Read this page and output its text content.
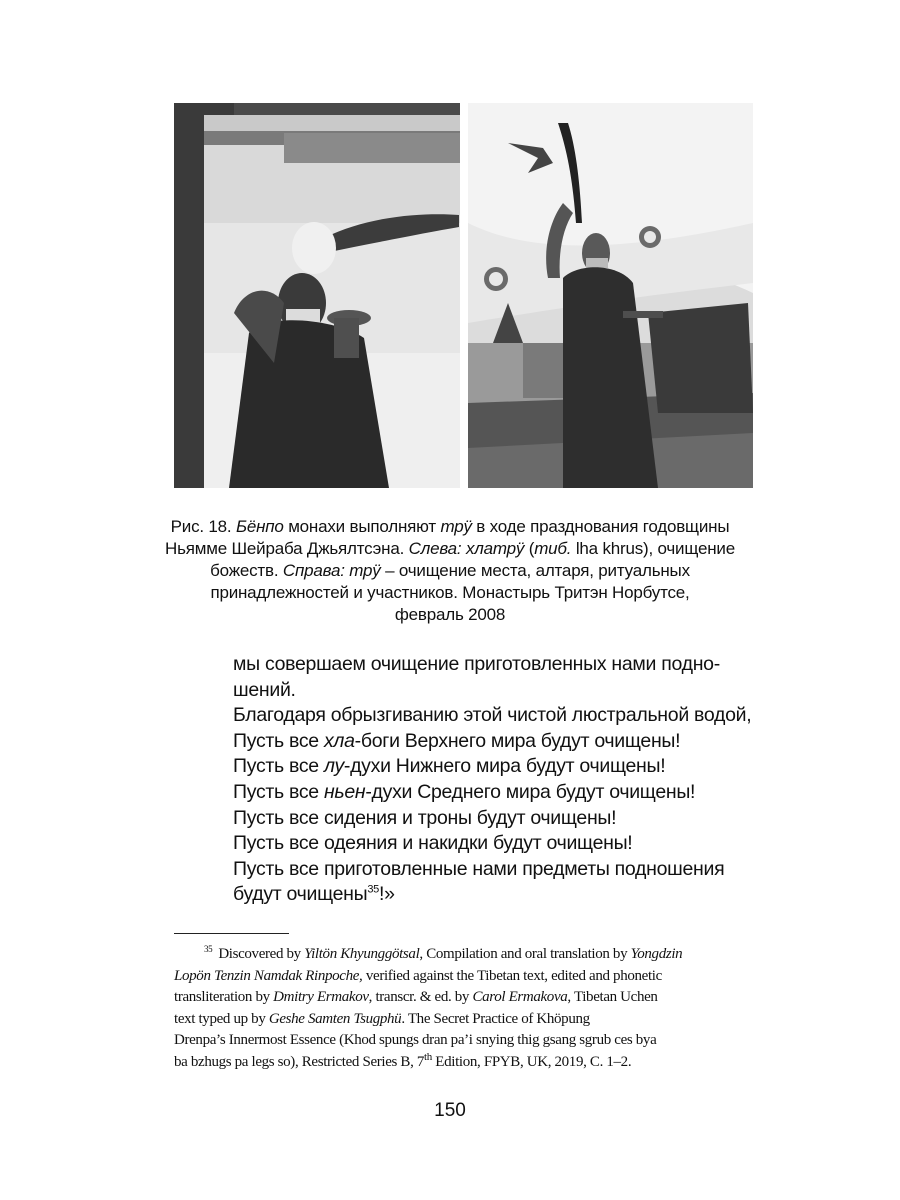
Рис. 18. Бёнпо монахи выполняют трӱ в ходе празднования годовщины
Ньямме Шейраба Джьялтсэна. Слева: хлатрӱ (тиб. lha khrus), очищение
божеств. Справа: трӱ – очищение места, алтаря, ритуальных
принадлежностей и участников. Монастырь Тритэн Норбутсе,
февраль 2008
мы совершаем очищение приготовленных нами подно-
шений.
Благодаря обрызгиванию этой чистой люстральной водой,
Пусть все хла-боги Верхнего мира будут очищены!
Пусть все лу-духи Нижнего мира будут очищены!
Пусть все ньен-духи Среднего мира будут очищены!
Пусть все сидения и троны будут очищены!
Пусть все одеяния и накидки будут очищены!
Пусть все приготовленные нами предметы подношения
будут очищены$^{35}$!»
$^{35}$ Discovered by Yiltön Khyunggötsal, Compilation and oral translation by Yongdzin
Lopön Tenzin Namdak Rinpoche, verified against the Tibetan text, edited and phonetic
transliteration by Dmitry Ermakov, transcr. & ed. by Carol Ermakova, Tibetan Uchen
text typed up by Geshe Samten Tsugphü. The Secret Practice of Khöpung
Drenpa’s Innermost Essence (Khod spungs dran pa’i snying thig gsang sgrub ces bya
ba bzhugs pa legs so), Restricted Series B, 7th Edition, FPYB, UK, 2019, C. 1–2.
150
